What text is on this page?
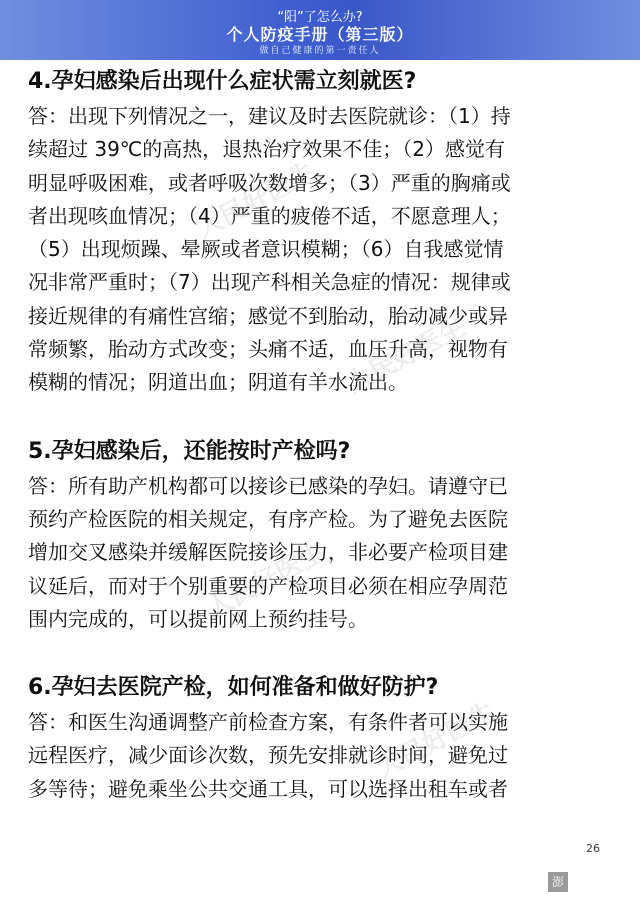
“阳”了怎么办?
个人防疫手册（第三版）
做自己健康的第一责任人
人民好医生
人民好医生
人民好医生
人民好医生

4.孕妇感染后出现什么症状需立刻就医?

答：出现下列情况之一，建议及时去医院就诊：（1）持

续超过 39℃的高热，退热治疗效果不佳；（2）感觉有

明显呼吸困难，或者呼吸次数增多；（3）严重的胸痛或

者出现咳血情况；（4）严重的疲倦不适，不愿意理人；

（5）出现烦躁、晕厥或者意识模糊；（6）自我感觉情

况非常严重时；（7）出现产科相关急症的情况：规律或

接近规律的有痛性宫缩；感觉不到胎动，胎动减少或异

常频繁，胎动方式改变；头痛不适，血压升高，视物有

模糊的情况；阴道出血；阴道有羊水流出。

5.孕妇感染后，还能按时产检吗?

答：所有助产机构都可以接诊已感染的孕妇。请遵守已

预约产检医院的相关规定，有序产检。为了避免去医院

增加交叉感染并缓解医院接诊压力，非必要产检项目建

议延后，而对于个别重要的产检项目必须在相应孕周范

围内完成的，可以提前网上预约挂号。

6.孕妇去医院产检，如何准备和做好防护?

答：和医生沟通调整产前检查方案，有条件者可以实施

远程医疗，减少面诊次数，预先安排就诊时间，避免过

多等待；避免乘坐公共交通工具，可以选择出租车或者

26
澎
